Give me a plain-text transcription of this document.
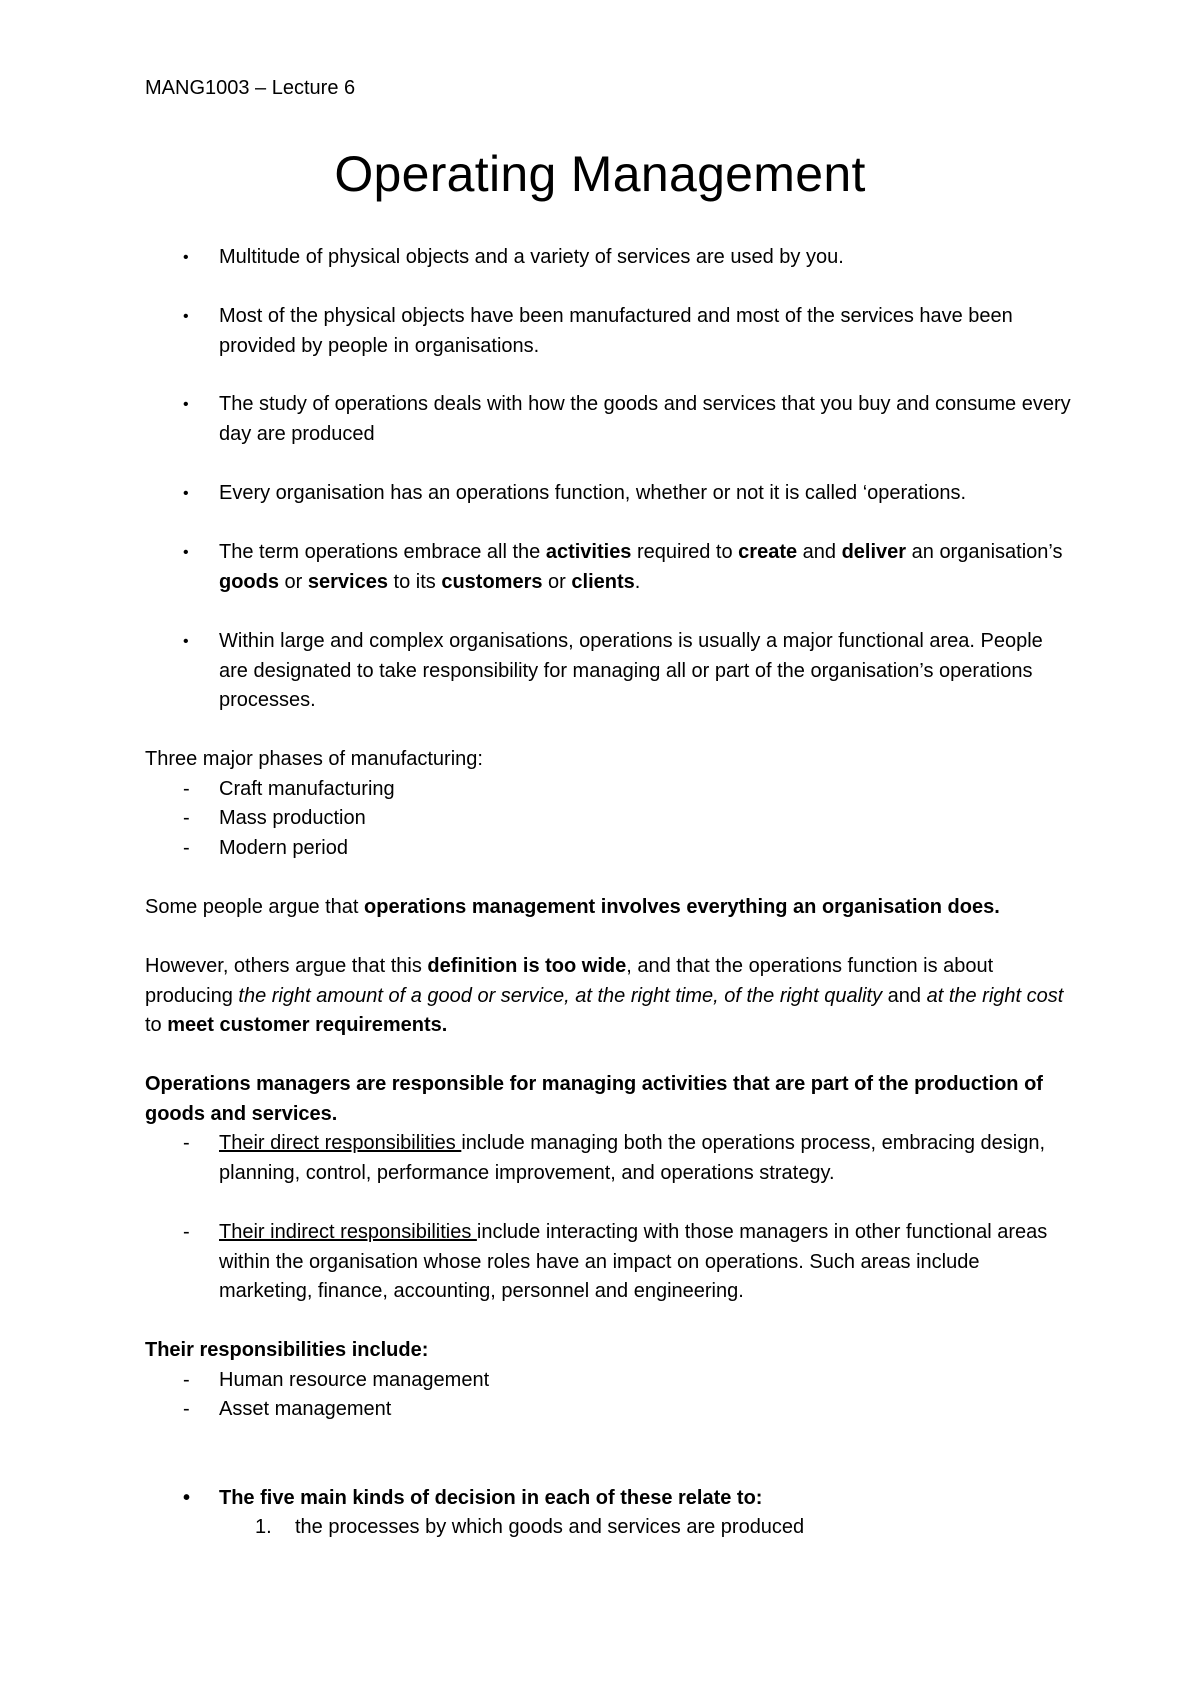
MANG1003 – Lecture 6
Operating Management
•	Multitude of physical objects and a variety of services are used by you.
•	Most of the physical objects have been manufactured and most of the services have been provided by people in organisations.
•	The study of operations deals with how the goods and services that you buy and consume every day are produced
•	Every organisation has an operations function, whether or not it is called ‘operations.
•	The term operations embrace all the activities required to create and deliver an organisation’s goods or services to its customers or clients.
•	Within large and complex organisations, operations is usually a major functional area. People are designated to take responsibility for managing all or part of the organisation’s operations processes.
Three major phases of manufacturing:
- Craft manufacturing
- Mass production
- Modern period
Some people argue that operations management involves everything an organisation does.
However, others argue that this definition is too wide, and that the operations function is about producing the right amount of a good or service, at the right time, of the right quality and at the right cost to meet customer requirements.
Operations managers are responsible for managing activities that are part of the production of goods and services.
- Their direct responsibilities include managing both the operations process, embracing design, planning, control, performance improvement, and operations strategy.
- Their indirect responsibilities include interacting with those managers in other functional areas within the organisation whose roles have an impact on operations. Such areas include marketing, finance, accounting, personnel and engineering.
Their responsibilities include:
- Human resource management
- Asset management
•	The five main kinds of decision in each of these relate to:
1. the processes by which goods and services are produced
